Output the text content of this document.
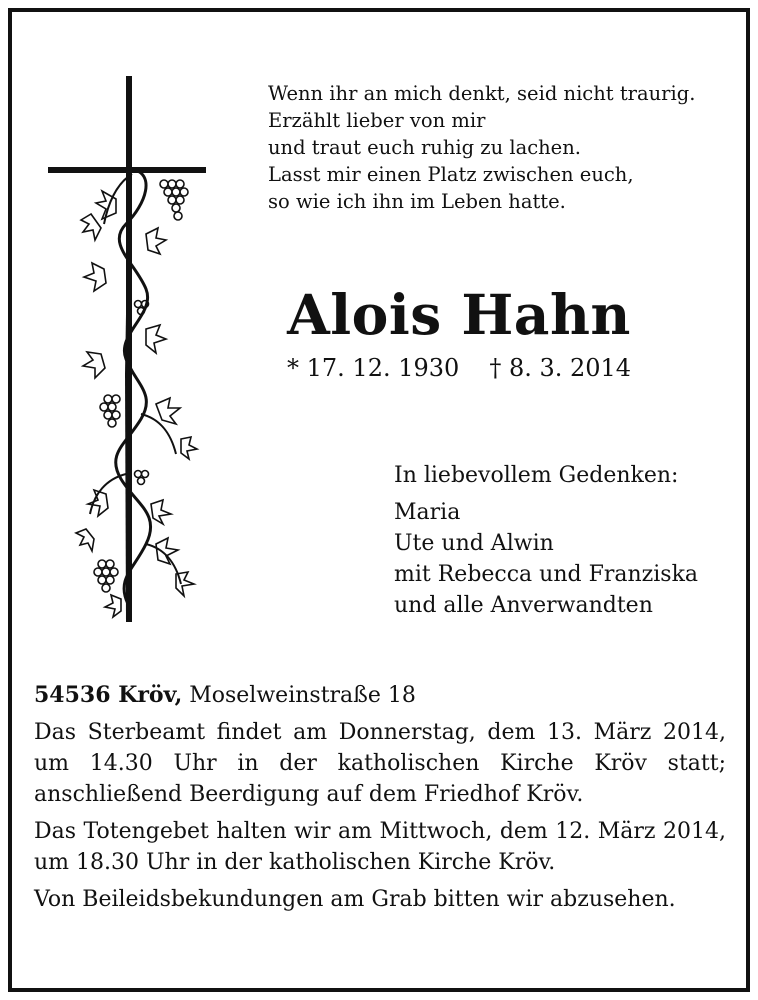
Wenn ihr an mich denkt, seid nicht traurig.
Erzählt lieber von mir
und traut euch ruhig zu lachen.
Lasst mir einen Platz zwischen euch,
so wie ich ihn im Leben hatte.
Alois Hahn
* 17. 12. 1930 † 8. 3. 2014
In liebevollem Gedenken:
Maria
Ute und Alwin
mit Rebecca und Franziska
und alle Anverwandten

54536 Kröv, Moselweinstraße 18

Das Sterbeamt findet am Donnerstag, dem 13. März 2014, um 14.30 Uhr in der katholischen Kirche Kröv statt; anschließend Beerdigung auf dem Friedhof Kröv.

Das Totengebet halten wir am Mittwoch, dem 12. März 2014, um 18.30 Uhr in der katholischen Kirche Kröv.

Von Beileidsbekundungen am Grab bitten wir abzusehen.
